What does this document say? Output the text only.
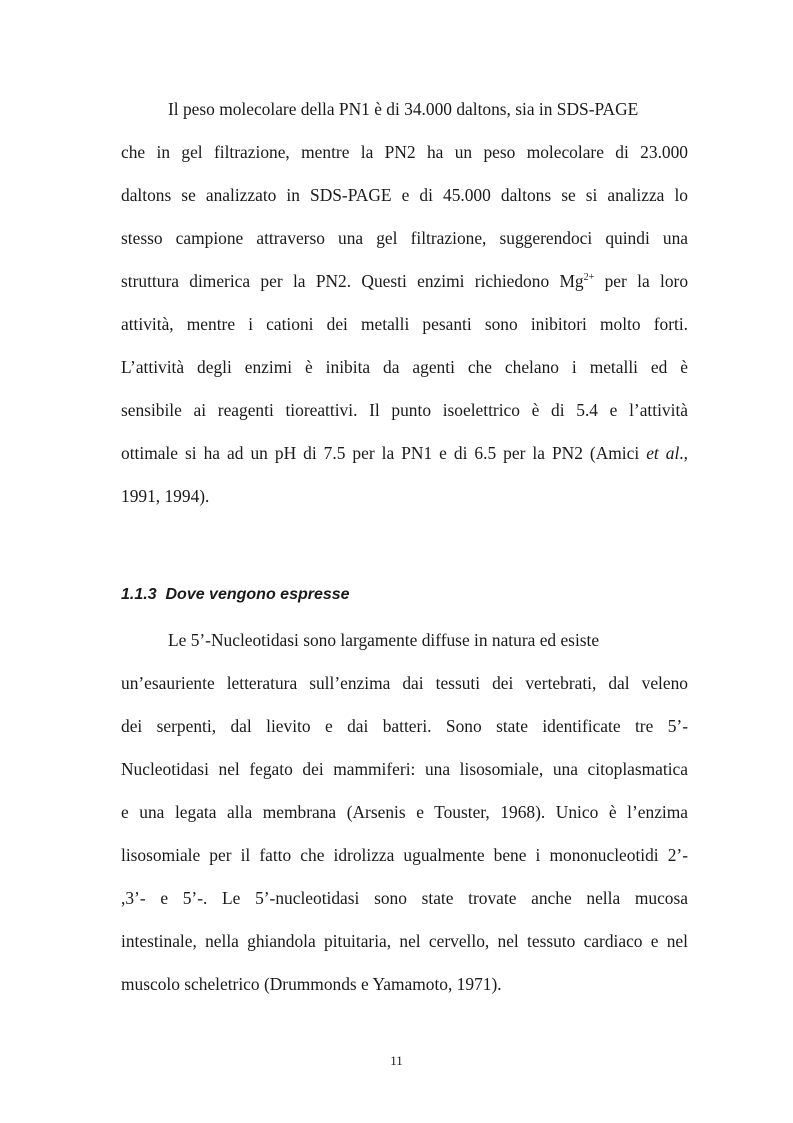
Il peso molecolare della PN1 è di 34.000 daltons, sia in SDS-PAGE
che in gel filtrazione, mentre la PN2 ha un peso molecolare di 23.000
daltons se analizzato in SDS-PAGE e di 45.000 daltons se si analizza lo
stesso campione attraverso una gel filtrazione, suggerendoci quindi una
struttura dimerica per la PN2. Questi enzimi richiedono $Mg^{2+}$ per la loro
attività, mentre i cationi dei metalli pesanti sono inibitori molto forti.
L’attività degli enzimi è inibita da agenti che chelano i metalli ed è
sensibile ai reagenti tioreattivi. Il punto isoelettrico è di 5.4 e l’attività
ottimale si ha ad un pH di 7.5 per la PN1 e di 6.5 per la PN2 (Amici et al.,
1991, 1994).
1.1.3 Dove vengono espresse
Le 5’-Nucleotidasi sono largamente diffuse in natura ed esiste
un’esauriente letteratura sull’enzima dai tessuti dei vertebrati, dal veleno
dei serpenti, dal lievito e dai batteri. Sono state identificate tre 5’-
Nucleotidasi nel fegato dei mammiferi: una lisosomiale, una citoplasmatica
e una legata alla membrana (Arsenis e Touster, 1968). Unico è l’enzima
lisosomiale per il fatto che idrolizza ugualmente bene i mononucleotidi 2’-
,3’- e 5’-. Le 5’-nucleotidasi sono state trovate anche nella mucosa
intestinale, nella ghiandola pituitaria, nel cervello, nel tessuto cardiaco e nel
muscolo scheletrico (Drummonds e Yamamoto, 1971).
11
